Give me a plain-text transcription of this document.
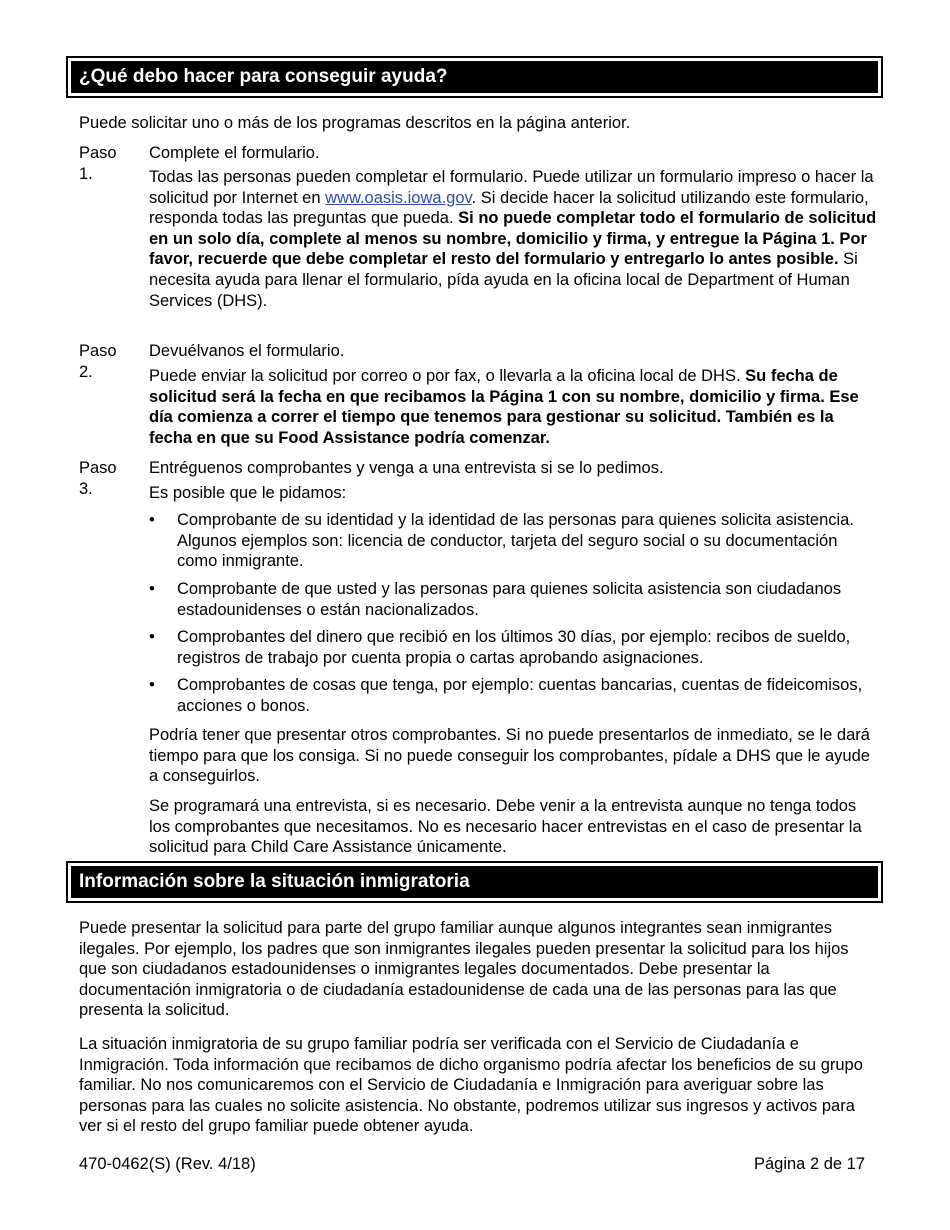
¿Qué debo hacer para conseguir ayuda?

Puede solicitar uno o más de los programas descritos en la página anterior.

Paso 1.
Complete el formulario.

Todas las personas pueden completar el formulario. Puede utilizar un formulario impreso o hacer la solicitud por Internet en www.oasis.iowa.gov. Si decide hacer la solicitud utilizando este formulario, responda todas las preguntas que pueda. Si no puede completar todo el formulario de solicitud en un solo día, complete al menos su nombre, domicilio y firma, y entregue la Página 1. Por favor, recuerde que debe completar el resto del formulario y entregarlo lo antes posible. Si necesita ayuda para llenar el formulario, pída ayuda en la oficina local de Department of Human Services (DHS).

Paso 2.
Devuélvanos el formulario.

Puede enviar la solicitud por correo o por fax, o llevarla a la oficina local de DHS. Su fecha de solicitud será la fecha en que recibamos la Página 1 con su nombre, domicilio y firma. Ese día comienza a correr el tiempo que tenemos para gestionar su solicitud. También es la fecha en que su Food Assistance podría comenzar.

Paso 3.
Entréguenos comprobantes y venga a una entrevista si se lo pedimos.

Es posible que le pidamos:

• Comprobante de su identidad y la identidad de las personas para quienes solicita asistencia. Algunos ejemplos son: licencia de conductor, tarjeta del seguro social o su documentación como inmigrante.
• Comprobante de que usted y las personas para quienes solicita asistencia son ciudadanos estadounidenses o están nacionalizados.
• Comprobantes del dinero que recibió en los últimos 30 días, por ejemplo: recibos de sueldo, registros de trabajo por cuenta propia o cartas aprobando asignaciones.
• Comprobantes de cosas que tenga, por ejemplo: cuentas bancarias, cuentas de fideicomisos, acciones o bonos.

Podría tener que presentar otros comprobantes. Si no puede presentarlos de inmediato, se le dará tiempo para que los consiga. Si no puede conseguir los comprobantes, pídale a DHS que le ayude a conseguirlos.

Se programará una entrevista, si es necesario. Debe venir a la entrevista aunque no tenga todos los comprobantes que necesitamos. No es necesario hacer entrevistas en el caso de presentar la solicitud para Child Care Assistance únicamente.

Información sobre la situación inmigratoria

Puede presentar la solicitud para parte del grupo familiar aunque algunos integrantes sean inmigrantes ilegales. Por ejemplo, los padres que son inmigrantes ilegales pueden presentar la solicitud para los hijos que son ciudadanos estadounidenses o inmigrantes legales documentados. Debe presentar la documentación inmigratoria o de ciudadanía estadounidense de cada una de las personas para las que presenta la solicitud.

La situación inmigratoria de su grupo familiar podría ser verificada con el Servicio de Ciudadanía e Inmigración. Toda información que recibamos de dicho organismo podría afectar los beneficios de su grupo familiar. No nos comunicaremos con el Servicio de Ciudadanía e Inmigración para averiguar sobre las personas para las cuales no solicite asistencia. No obstante, podremos utilizar sus ingresos y activos para ver si el resto del grupo familiar puede obtener ayuda.

470-0462(S) (Rev. 4/18)	Página 2 de 17
